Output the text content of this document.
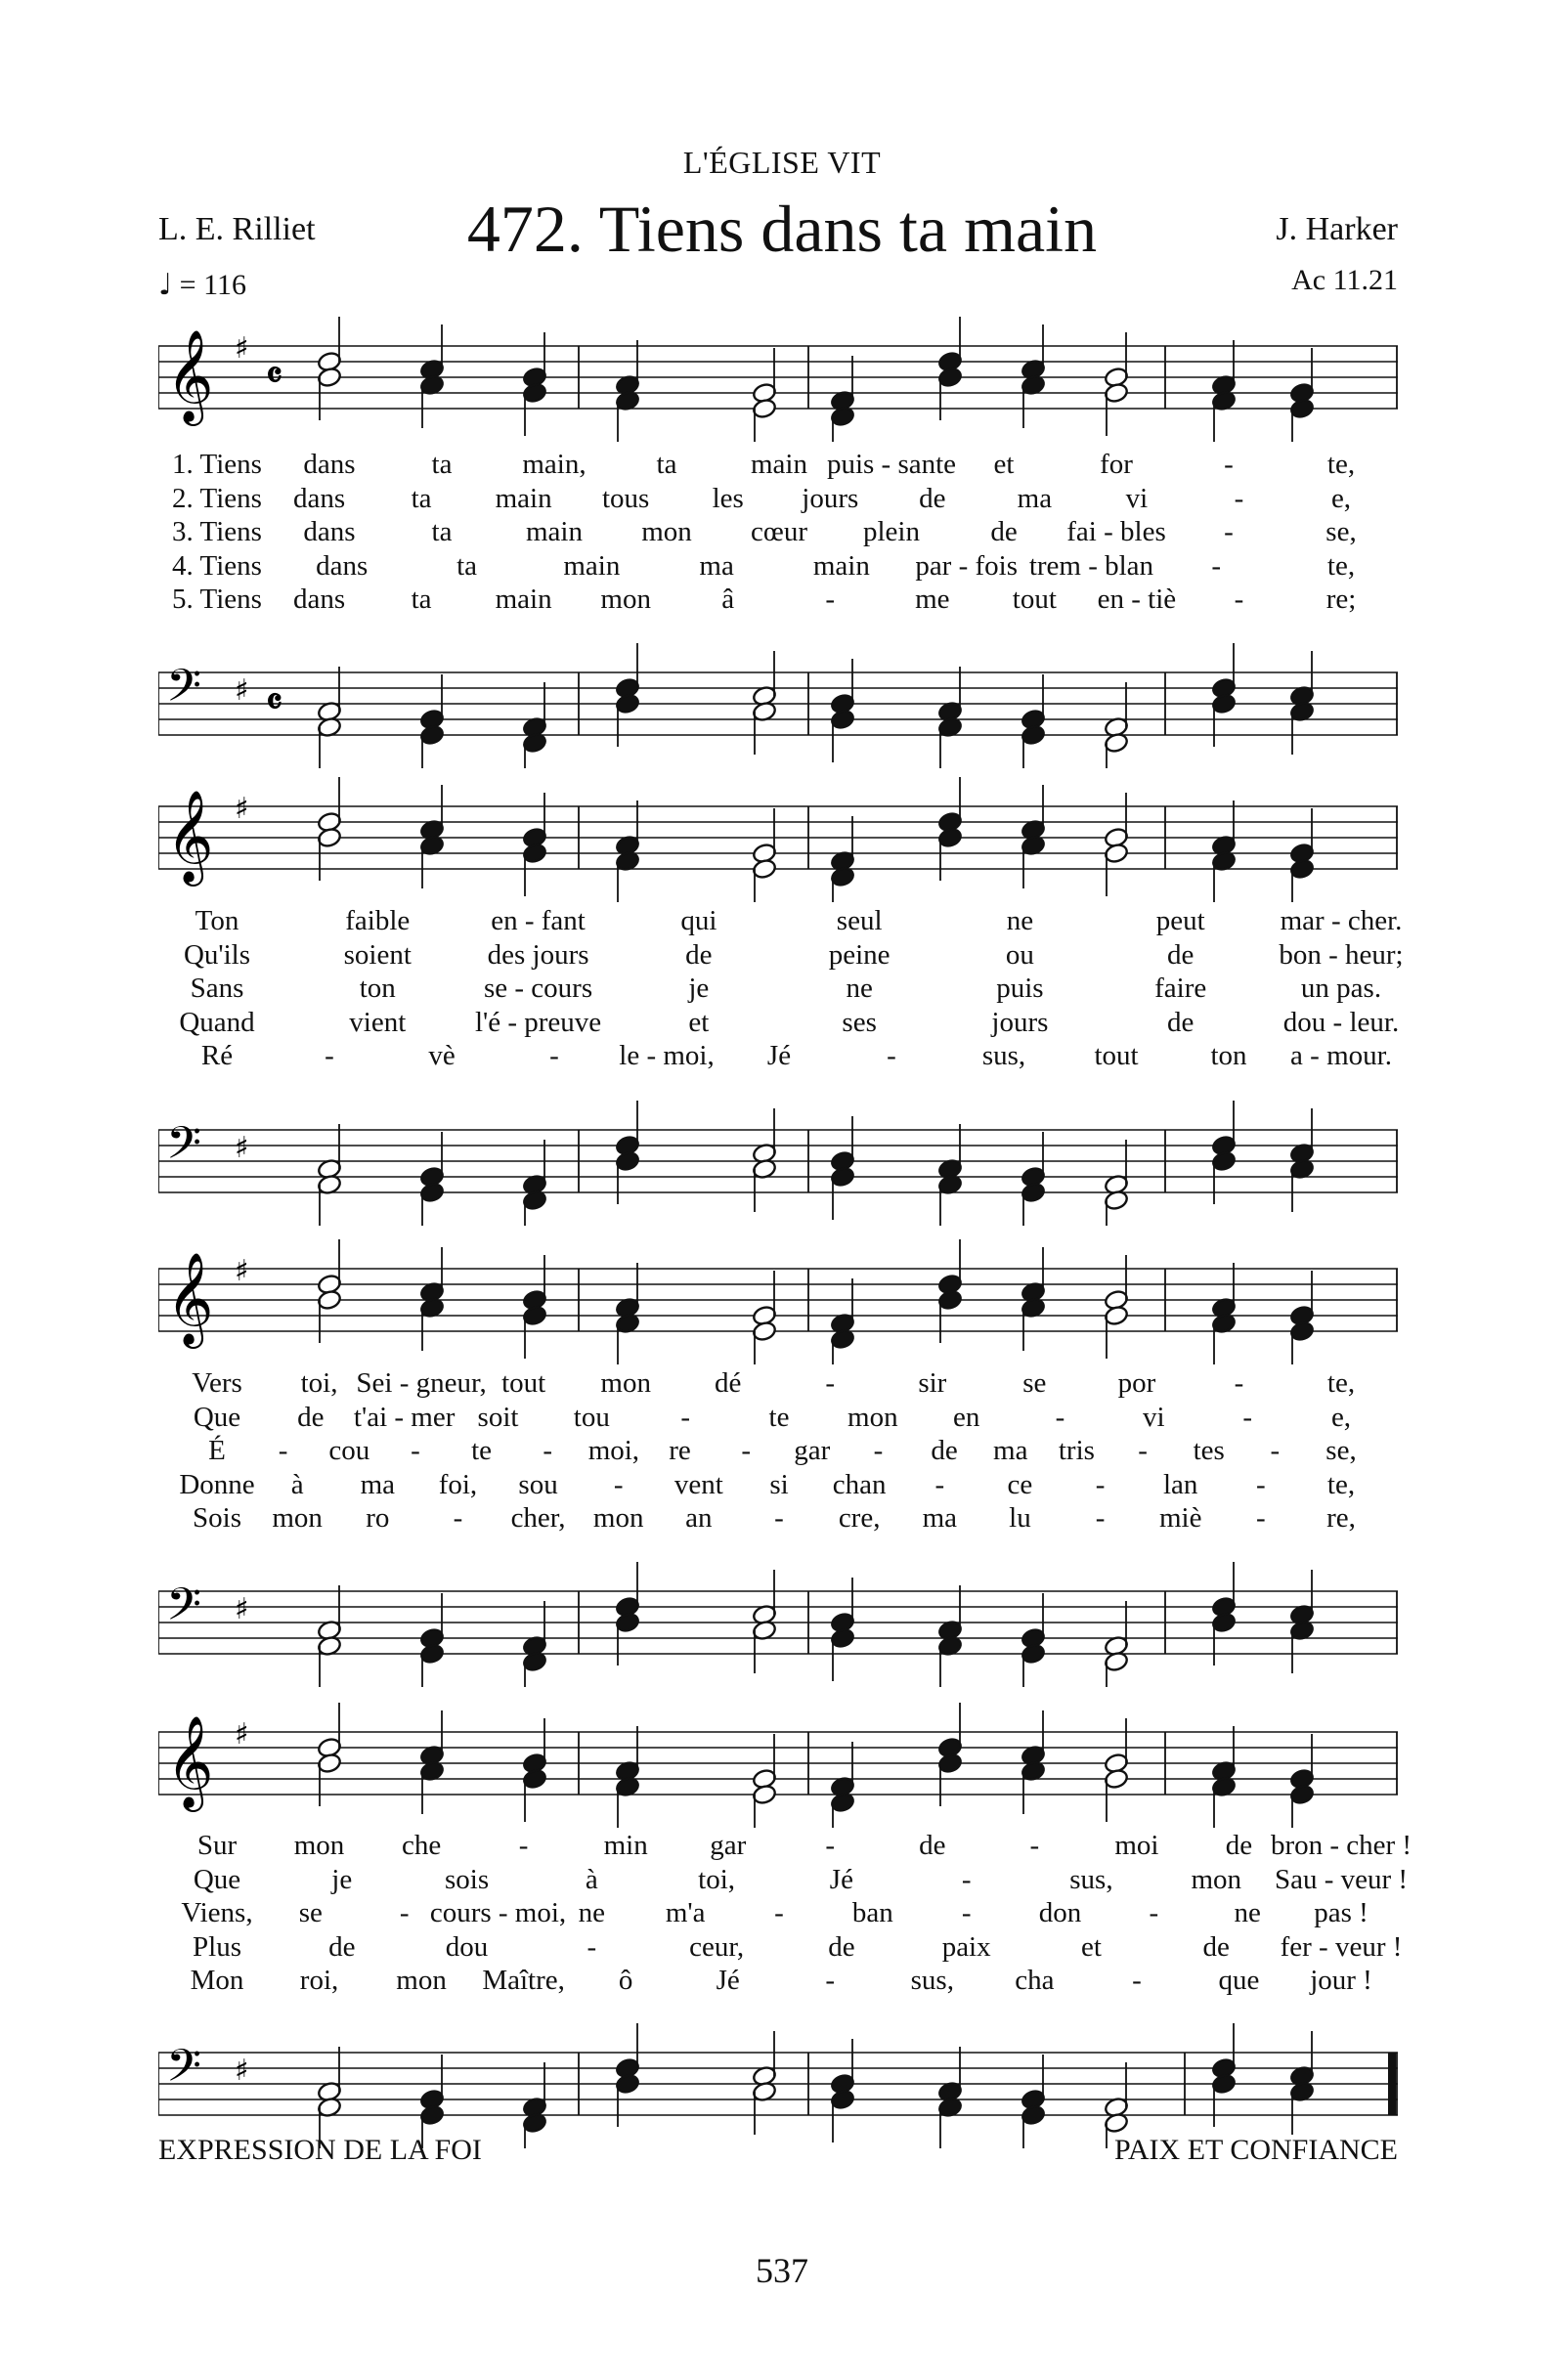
L'ÉGLISE VIT
L. E. Rilliet
♩ = 116
472. Tiens dans ta main	J. Harker
Ac 11.21
𝄞 ♯
𝄴
1. Tiens dans	ta main, ta	main puis - sante et	for	-	te,
2. Tiens dans ta main tous les jours de	ma	vi	-	e,
3. Tiens dans	ta	main mon cœur plein de fai - bles -	se,
4. Tiens dans	ta	main	ma	main par - fois trem - blan -	te,
5. Tiens dans ta main mon â	-	me tout en - tiè -	re;
𝄢 ♯ 𝄴
𝄞 ♯
Ton	faible	en - fant	qui	seul	ne	peut	mar - cher.
Qu'ils	soient	des jours	de	peine	ou	de	bon - heur;
Sans	ton	se - cours	je	ne	puis	faire	un pas.
Quand	vient l'é - preuve	et	ses	jours	de	dou - leur.
Ré	-	vè	- le - moi, Jé	-	sus, tout	ton a - mour.
𝄢 ♯
𝄞 ♯
Vers toi, Sei - gneur, tout mon dé	-	sir	se	por	-	te,
Que de t'ai - mer soit tou -	te mon en	-	vi	-	e,
É - cou - te - moi, re - gar - de ma tris - tes - se,
Donne à ma foi, sou - vent si chan - ce - lan - te,
Sois mon ro - cher, mon an - cre, ma lu - miè - re,
𝄢 ♯
𝄞 ♯
Sur mon che	-	min gar	-	de	-	moi de bron - cher !
Que	je	sois	à	toi,	Jé	-	sus,	mon Sau - veur !
Viens, se	- cours - moi, ne m'a - ban - don -	ne pas !
Plus	de	dou	-	ceur,	de	paix	et	de fer - veur !
Mon roi, mon Maître, ô	Jé	-	sus, cha	-	que jour !
𝄢 ♯
EXPRESSION DE LA FOI	PAIX ET CONFIANCE
537
